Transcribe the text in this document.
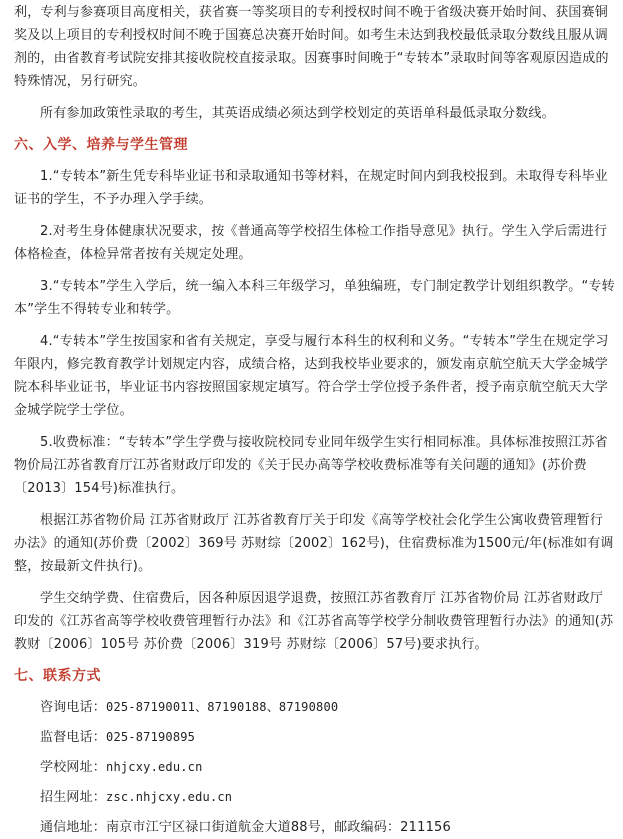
利，专利与参赛项目高度相关，获省赛一等奖项目的专利授权时间不晚于省级决赛开始时间、获国赛铜奖及以上项目的专利授权时间不晚于国赛总决赛开始时间。如考生未达到我校最低录取分数线且服从调剂的，由省教育考试院安排其接收院校直接录取。因赛事时间晚于“专转本”录取时间等客观原因造成的特殊情况，另行研究。

所有参加政策性录取的考生，其英语成绩必须达到学校划定的英语单科最低录取分数线。

六、入学、培养与学生管理

1.“专转本”新生凭专科毕业证书和录取通知书等材料，在规定时间内到我校报到。未取得专科毕业证书的学生，不予办理入学手续。

2.对考生身体健康状况要求，按《普通高等学校招生体检工作指导意见》执行。学生入学后需进行体格检查，体检异常者按有关规定处理。

3.“专转本”学生入学后，统一编入本科三年级学习，单独编班，专门制定教学计划组织教学。“专转本”学生不得转专业和转学。

4.“专转本”学生按国家和省有关规定，享受与履行本科生的权利和义务。“专转本”学生在规定学习年限内，修完教育教学计划规定内容，成绩合格，达到我校毕业要求的，颁发南京航空航天大学金城学院本科毕业证书，毕业证书内容按照国家规定填写。符合学士学位授予条件者，授予南京航空航天大学金城学院学士学位。

5.收费标准：“专转本”学生学费与接收院校同专业同年级学生实行相同标准。具体标准按照江苏省物价局江苏省教育厅江苏省财政厅印发的《关于民办高等学校收费标准等有关问题的通知》(苏价费〔2013〕154号)标准执行。

根据江苏省物价局 江苏省财政厅 江苏省教育厅关于印发《高等学校社会化学生公寓收费管理暂行办法》的通知(苏价费〔2002〕369号 苏财综〔2002〕162号)，住宿费标准为1500元/年(标准如有调整，按最新文件执行)。

学生交纳学费、住宿费后，因各种原因退学退费，按照江苏省教育厅 江苏省物价局 江苏省财政厅印发的《江苏省高等学校收费管理暂行办法》和《江苏省高等学校学分制收费管理暂行办法》的通知(苏教财〔2006〕105号 苏价费〔2006〕319号 苏财综〔2006〕57号)要求执行。

七、联系方式

咨询电话：025-87190011、87190188、87190800

监督电话：025-87190895

学校网址：nhjcxy.edu.cn

招生网址：zsc.nhjcxy.edu.cn

通信地址：南京市江宁区禄口街道航金大道88号，邮政编码：211156
